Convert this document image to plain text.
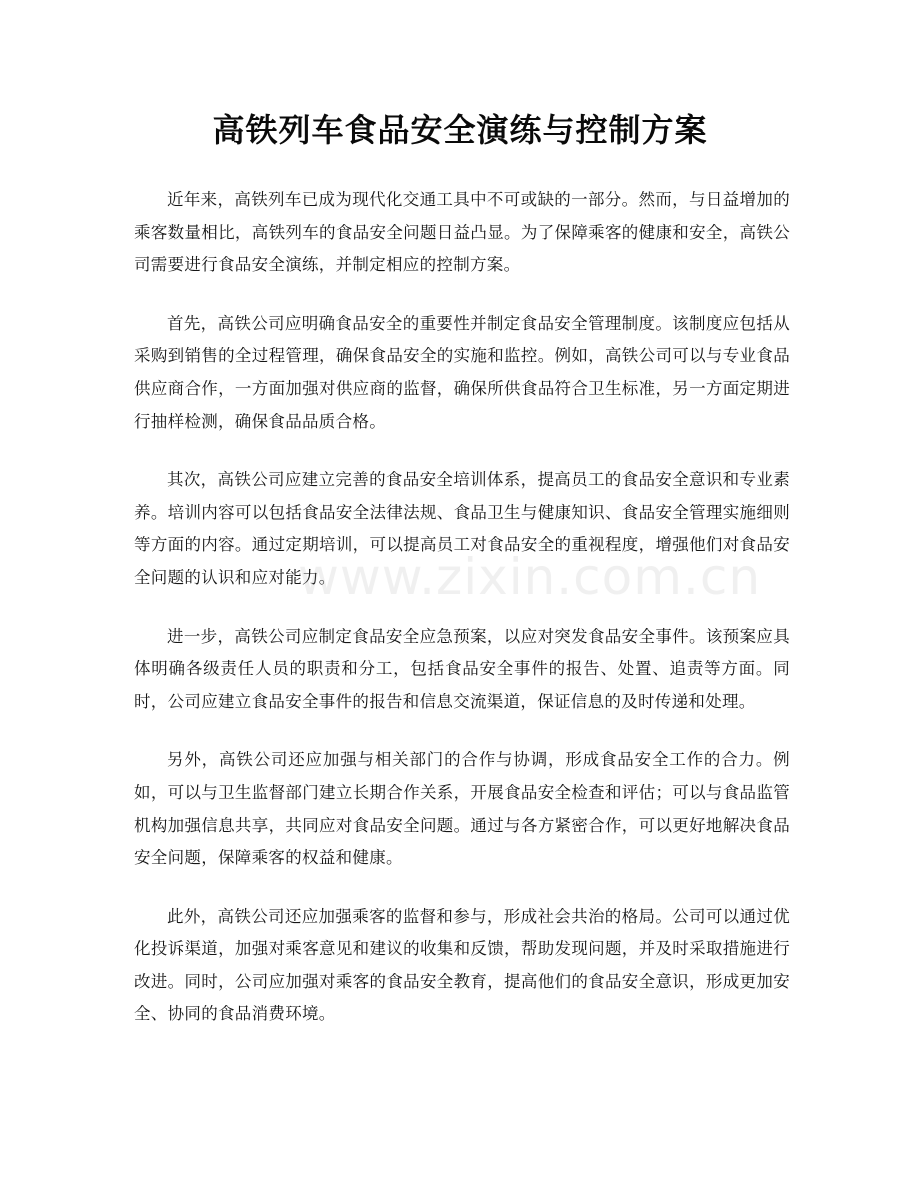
高铁列车食品安全演练与控制方案

近年来，高铁列车已成为现代化交通工具中不可或缺的一部分。然而，与日益增加的乘客数量相比，高铁列车的食品安全问题日益凸显。为了保障乘客的健康和安全，高铁公司需要进行食品安全演练，并制定相应的控制方案。

首先，高铁公司应明确食品安全的重要性并制定食品安全管理制度。该制度应包括从采购到销售的全过程管理，确保食品安全的实施和监控。例如，高铁公司可以与专业食品供应商合作，一方面加强对供应商的监督，确保所供食品符合卫生标准，另一方面定期进行抽样检测，确保食品品质合格。

其次，高铁公司应建立完善的食品安全培训体系，提高员工的食品安全意识和专业素养。培训内容可以包括食品安全法律法规、食品卫生与健康知识、食品安全管理实施细则等方面的内容。通过定期培训，可以提高员工对食品安全的重视程度，增强他们对食品安全问题的认识和应对能力。

进一步，高铁公司应制定食品安全应急预案，以应对突发食品安全事件。该预案应具体明确各级责任人员的职责和分工，包括食品安全事件的报告、处置、追责等方面。同时，公司应建立食品安全事件的报告和信息交流渠道，保证信息的及时传递和处理。

另外，高铁公司还应加强与相关部门的合作与协调，形成食品安全工作的合力。例如，可以与卫生监督部门建立长期合作关系，开展食品安全检查和评估；可以与食品监管机构加强信息共享，共同应对食品安全问题。通过与各方紧密合作，可以更好地解决食品安全问题，保障乘客的权益和健康。

此外，高铁公司还应加强乘客的监督和参与，形成社会共治的格局。公司可以通过优化投诉渠道，加强对乘客意见和建议的收集和反馈，帮助发现问题，并及时采取措施进行改进。同时，公司应加强对乘客的食品安全教育，提高他们的食品安全意识，形成更加安全、协同的食品消费环境。

www.zixin.com.cn
